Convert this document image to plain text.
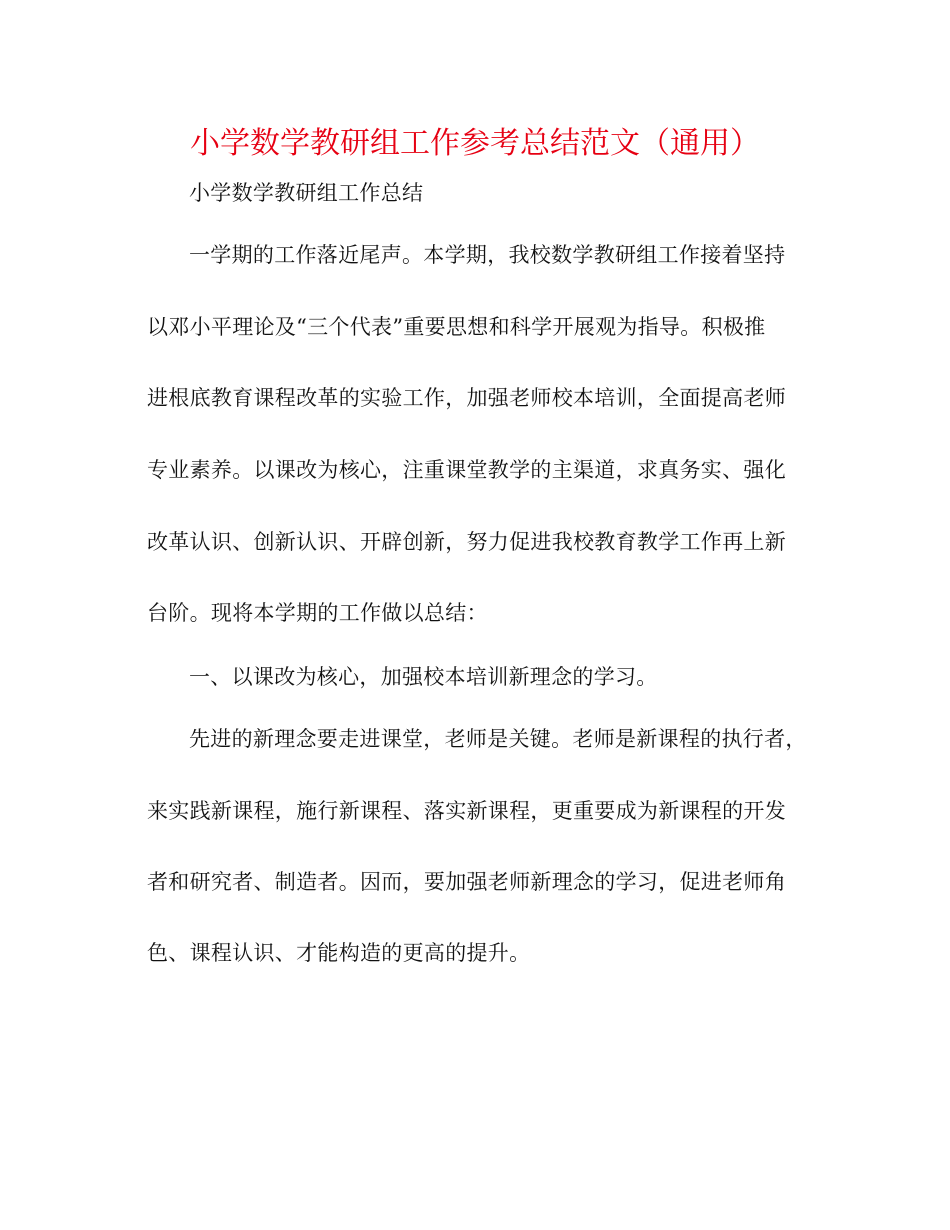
小学数学教研组工作参考总结范文（通用）

小学数学教研组工作总结

一学期的工作落近尾声。本学期，我校数学教研组工作接着坚持

以邓小平理论及“三个代表”重要思想和科学开展观为指导。积极推

进根底教育课程改革的实验工作，加强老师校本培训，全面提高老师

专业素养。以课改为核心，注重课堂教学的主渠道，求真务实、强化

改革认识、创新认识、开辟创新，努力促进我校教育教学工作再上新

台阶。现将本学期的工作做以总结：

一、以课改为核心，加强校本培训新理念的学习。

先进的新理念要走进课堂，老师是关键。老师是新课程的执行者，

来实践新课程，施行新课程、落实新课程，更重要成为新课程的开发

者和研究者、制造者。因而，要加强老师新理念的学习，促进老师角

色、课程认识、才能构造的更高的提升。
